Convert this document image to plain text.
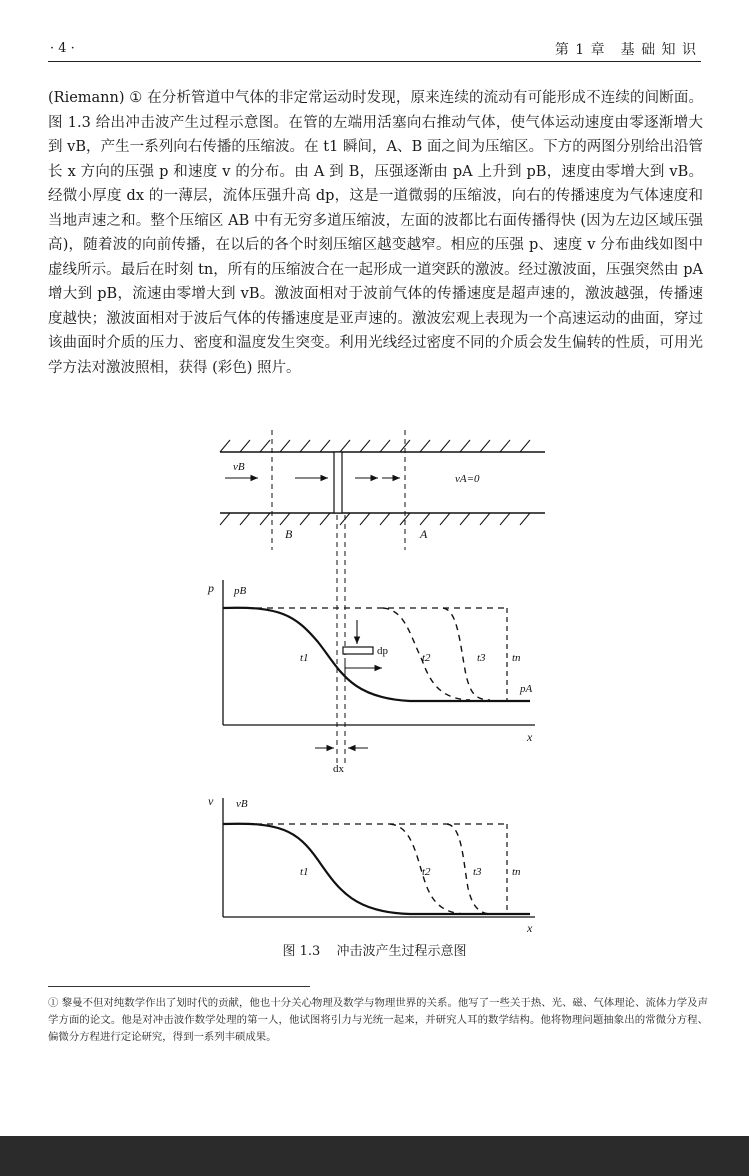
· 4 ·	第 1 章　基 础 知 识
(Riemann) ① 在分析管道中气体的非定常运动时发现，原来连续的流动有可能形成不连续的间断面。图 1.3 给出冲击波产生过程示意图。在管的左端用活塞向右推动气体，使气体运动速度由零逐渐增大到 vB，产生一系列向右传播的压缩波。在 t1 瞬间，A、B 面之间为压缩区。下方的两图分别给出沿管长 x 方向的压强 p 和速度 v 的分布。由 A 到 B，压强逐渐由 pA 上升到 pB，速度由零增大到 vB。经微小厚度 dx 的一薄层，流体压强升高 dp，这是一道微弱的压缩波，向右的传播速度为气体速度和当地声速之和。整个压缩区 AB 中有无穷多道压缩波，左面的波都比右面传播得快 (因为左边区域压强高)，随着波的向前传播，在以后的各个时刻压缩区越变越窄。相应的压强 p、速度 v 分布曲线如图中虚线所示。最后在时刻 tn，所有的压缩波合在一起形成一道突跃的激波。经过激波面，压强突然由 pA 增大到 pB，流速由零增大到 vB。激波面相对于波前气体的传播速度是超声速的，激波越强，传播速度越快；激波面相对于波后气体的传播速度是亚声速的。激波宏观上表现为一个高速运动的曲面，穿过该曲面时介质的压力、密度和温度发生突变。利用光线经过密度不同的介质会发生偏转的性质，可用光学方法对激波照相，获得 (彩色) 照片。
vB
vA=0
B	A
p pB
pA
x
t1	t2	t3 tn
dp
dx
v vB
x
t1	t2	t3	tn
图 1.3 冲击波产生过程示意图
① 黎曼不但对纯数学作出了划时代的贡献，他也十分关心物理及数学与物理世界的关系。他写了一些关于热、光、磁、气体理论、流体力学及声学方面的论文。他是对冲击波作数学处理的第一人，他试图将引力与光统一起来，并研究人耳的数学结构。他将物理问题抽象出的常微分方程、偏微分方程进行定论研究，得到一系列丰硕成果。
